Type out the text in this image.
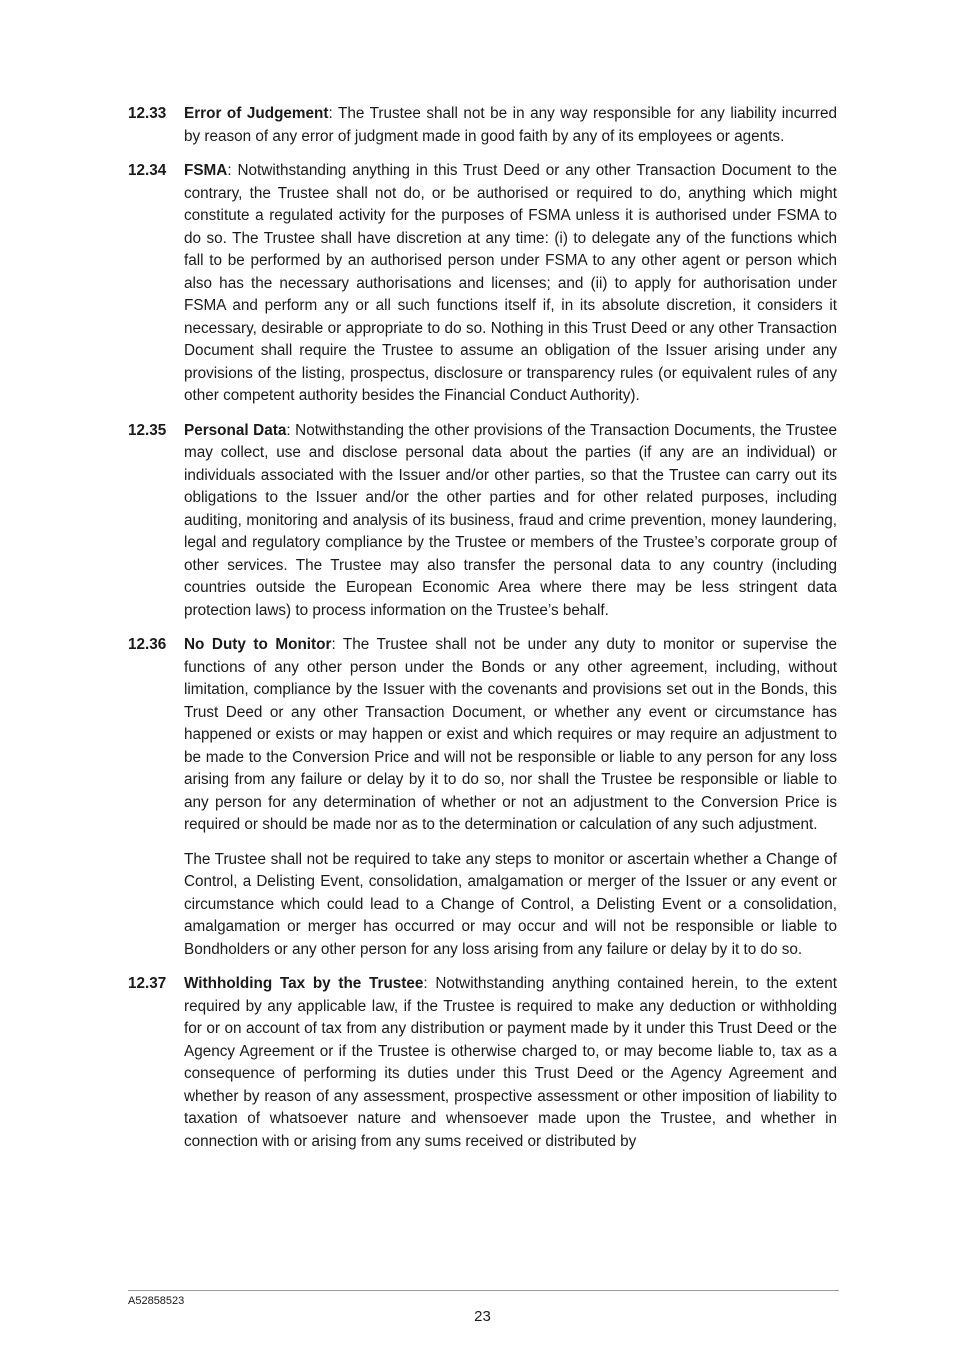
12.33	Error of Judgement: The Trustee shall not be in any way responsible for any liability incurred by reason of any error of judgment made in good faith by any of its employees or agents.

12.34	FSMA: Notwithstanding anything in this Trust Deed or any other Transaction Document to the contrary, the Trustee shall not do, or be authorised or required to do, anything which might constitute a regulated activity for the purposes of FSMA unless it is authorised under FSMA to do so. The Trustee shall have discretion at any time: (i) to delegate any of the functions which fall to be performed by an authorised person under FSMA to any other agent or person which also has the necessary authorisations and licenses; and (ii) to apply for authorisation under FSMA and perform any or all such functions itself if, in its absolute discretion, it considers it necessary, desirable or appropriate to do so. Nothing in this Trust Deed or any other Transaction Document shall require the Trustee to assume an obligation of the Issuer arising under any provisions of the listing, prospectus, disclosure or transparency rules (or equivalent rules of any other competent authority besides the Financial Conduct Authority).

12.35	Personal Data: Notwithstanding the other provisions of the Transaction Documents, the Trustee may collect, use and disclose personal data about the parties (if any are an individual) or individuals associated with the Issuer and/or other parties, so that the Trustee can carry out its obligations to the Issuer and/or the other parties and for other related purposes, including auditing, monitoring and analysis of its business, fraud and crime prevention, money laundering, legal and regulatory compliance by the Trustee or members of the Trustee’s corporate group of other services. The Trustee may also transfer the personal data to any country (including countries outside the European Economic Area where there may be less stringent data protection laws) to process information on the Trustee’s behalf.

12.36	No Duty to Monitor: The Trustee shall not be under any duty to monitor or supervise the functions of any other person under the Bonds or any other agreement, including, without limitation, compliance by the Issuer with the covenants and provisions set out in the Bonds, this Trust Deed or any other Transaction Document, or whether any event or circumstance has happened or exists or may happen or exist and which requires or may require an adjustment to be made to the Conversion Price and will not be responsible or liable to any person for any loss arising from any failure or delay by it to do so, nor shall the Trustee be responsible or liable to any person for any determination of whether or not an adjustment to the Conversion Price is required or should be made nor as to the determination or calculation of any such adjustment.

The Trustee shall not be required to take any steps to monitor or ascertain whether a Change of Control, a Delisting Event, consolidation, amalgamation or merger of the Issuer or any event or circumstance which could lead to a Change of Control, a Delisting Event or a consolidation, amalgamation or merger has occurred or may occur and will not be responsible or liable to Bondholders or any other person for any loss arising from any failure or delay by it to do so.

12.37	Withholding Tax by the Trustee: Notwithstanding anything contained herein, to the extent required by any applicable law, if the Trustee is required to make any deduction or withholding for or on account of tax from any distribution or payment made by it under this Trust Deed or the Agency Agreement or if the Trustee is otherwise charged to, or may become liable to, tax as a consequence of performing its duties under this Trust Deed or the Agency Agreement and whether by reason of any assessment, prospective assessment or other imposition of liability to taxation of whatsoever nature and whensoever made upon the Trustee, and whether in connection with or arising from any sums received or distributed by

A52858523
23
